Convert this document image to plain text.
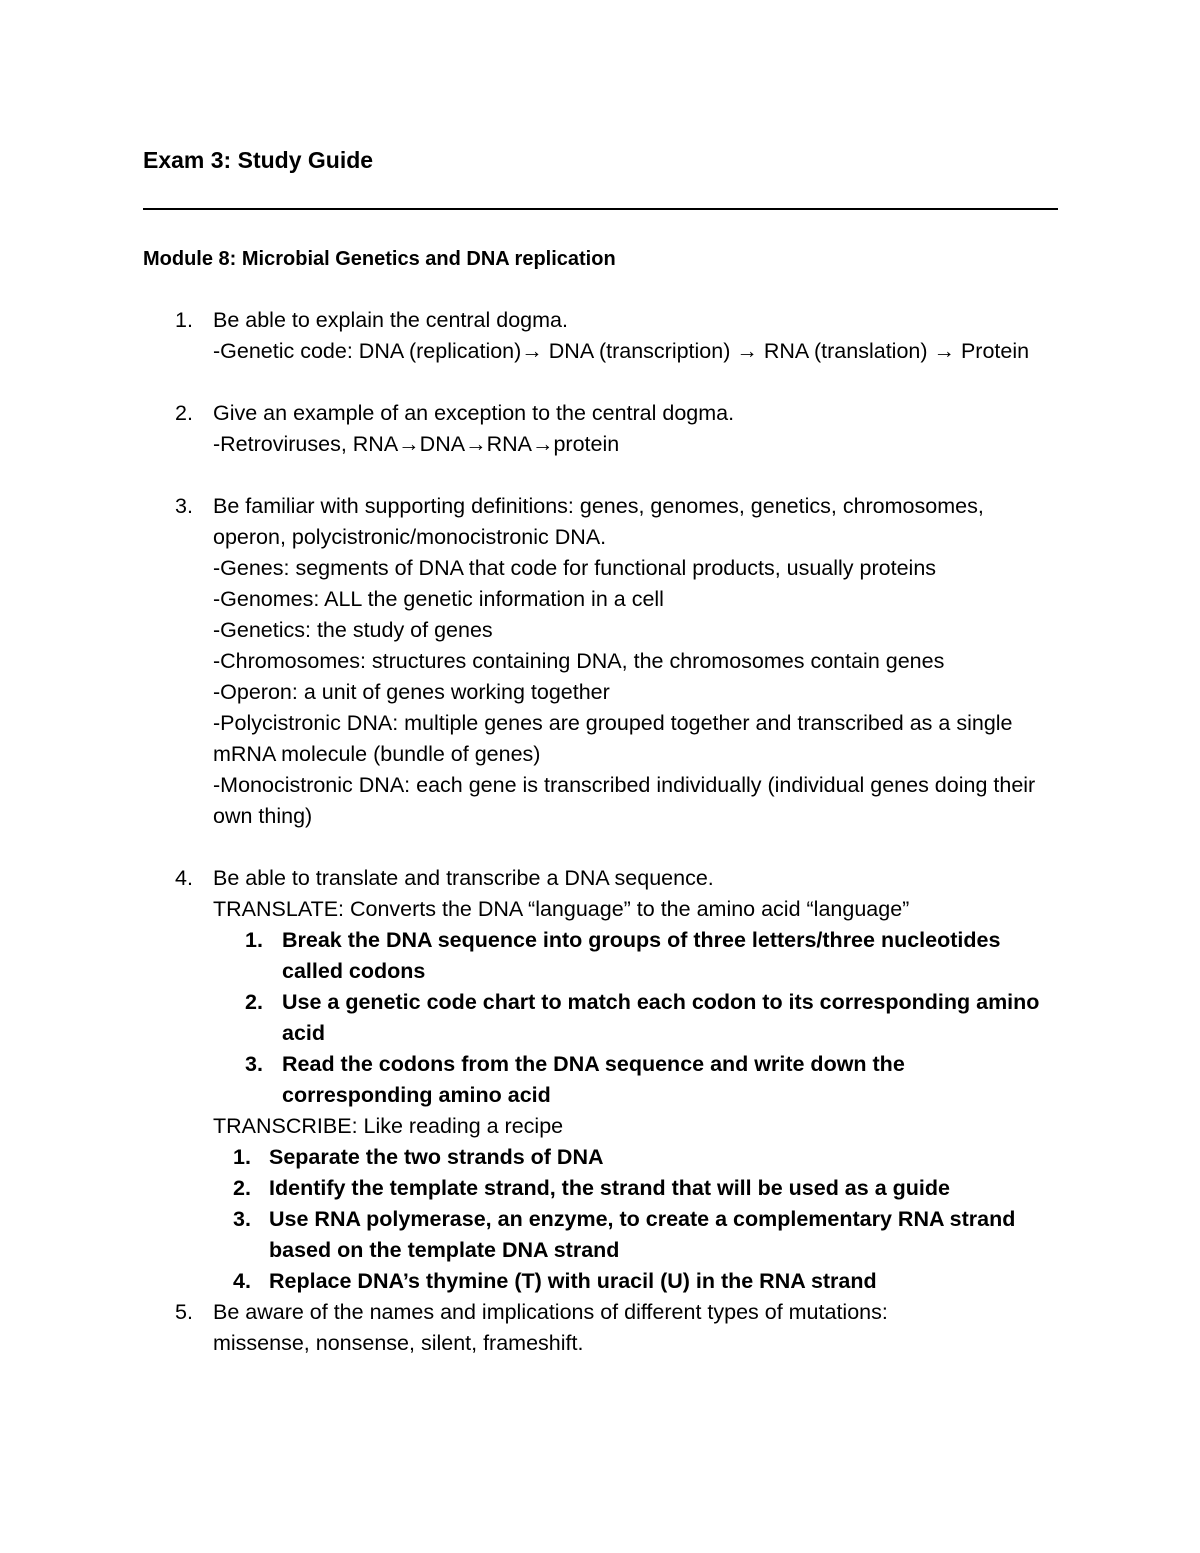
Exam 3: Study Guide
Module 8: Microbial Genetics and DNA replication
1. Be able to explain the central dogma.
-Genetic code: DNA (replication)→ DNA (transcription) → RNA (translation) → Protein
2. Give an example of an exception to the central dogma.
-Retroviruses, RNA→DNA→RNA→protein
3. Be familiar with supporting definitions: genes, genomes, genetics, chromosomes, operon, polycistronic/monocistronic DNA.
-Genes: segments of DNA that code for functional products, usually proteins
-Genomes: ALL the genetic information in a cell
-Genetics: the study of genes
-Chromosomes: structures containing DNA, the chromosomes contain genes
-Operon: a unit of genes working together
-Polycistronic DNA: multiple genes are grouped together and transcribed as a single mRNA molecule (bundle of genes)
-Monocistronic DNA: each gene is transcribed individually (individual genes doing their own thing)
4. Be able to translate and transcribe a DNA sequence.
TRANSLATE: Converts the DNA “language” to the amino acid “language”
1. Break the DNA sequence into groups of three letters/three nucleotides called codons
2. Use a genetic code chart to match each codon to its corresponding amino acid
3. Read the codons from the DNA sequence and write down the corresponding amino acid
TRANSCRIBE: Like reading a recipe
1. Separate the two strands of DNA
2. Identify the template strand, the strand that will be used as a guide
3. Use RNA polymerase, an enzyme, to create a complementary RNA strand based on the template DNA strand
4. Replace DNA’s thymine (T) with uracil (U) in the RNA strand
5. Be aware of the names and implications of different types of mutations: missense, nonsense, silent, frameshift.
